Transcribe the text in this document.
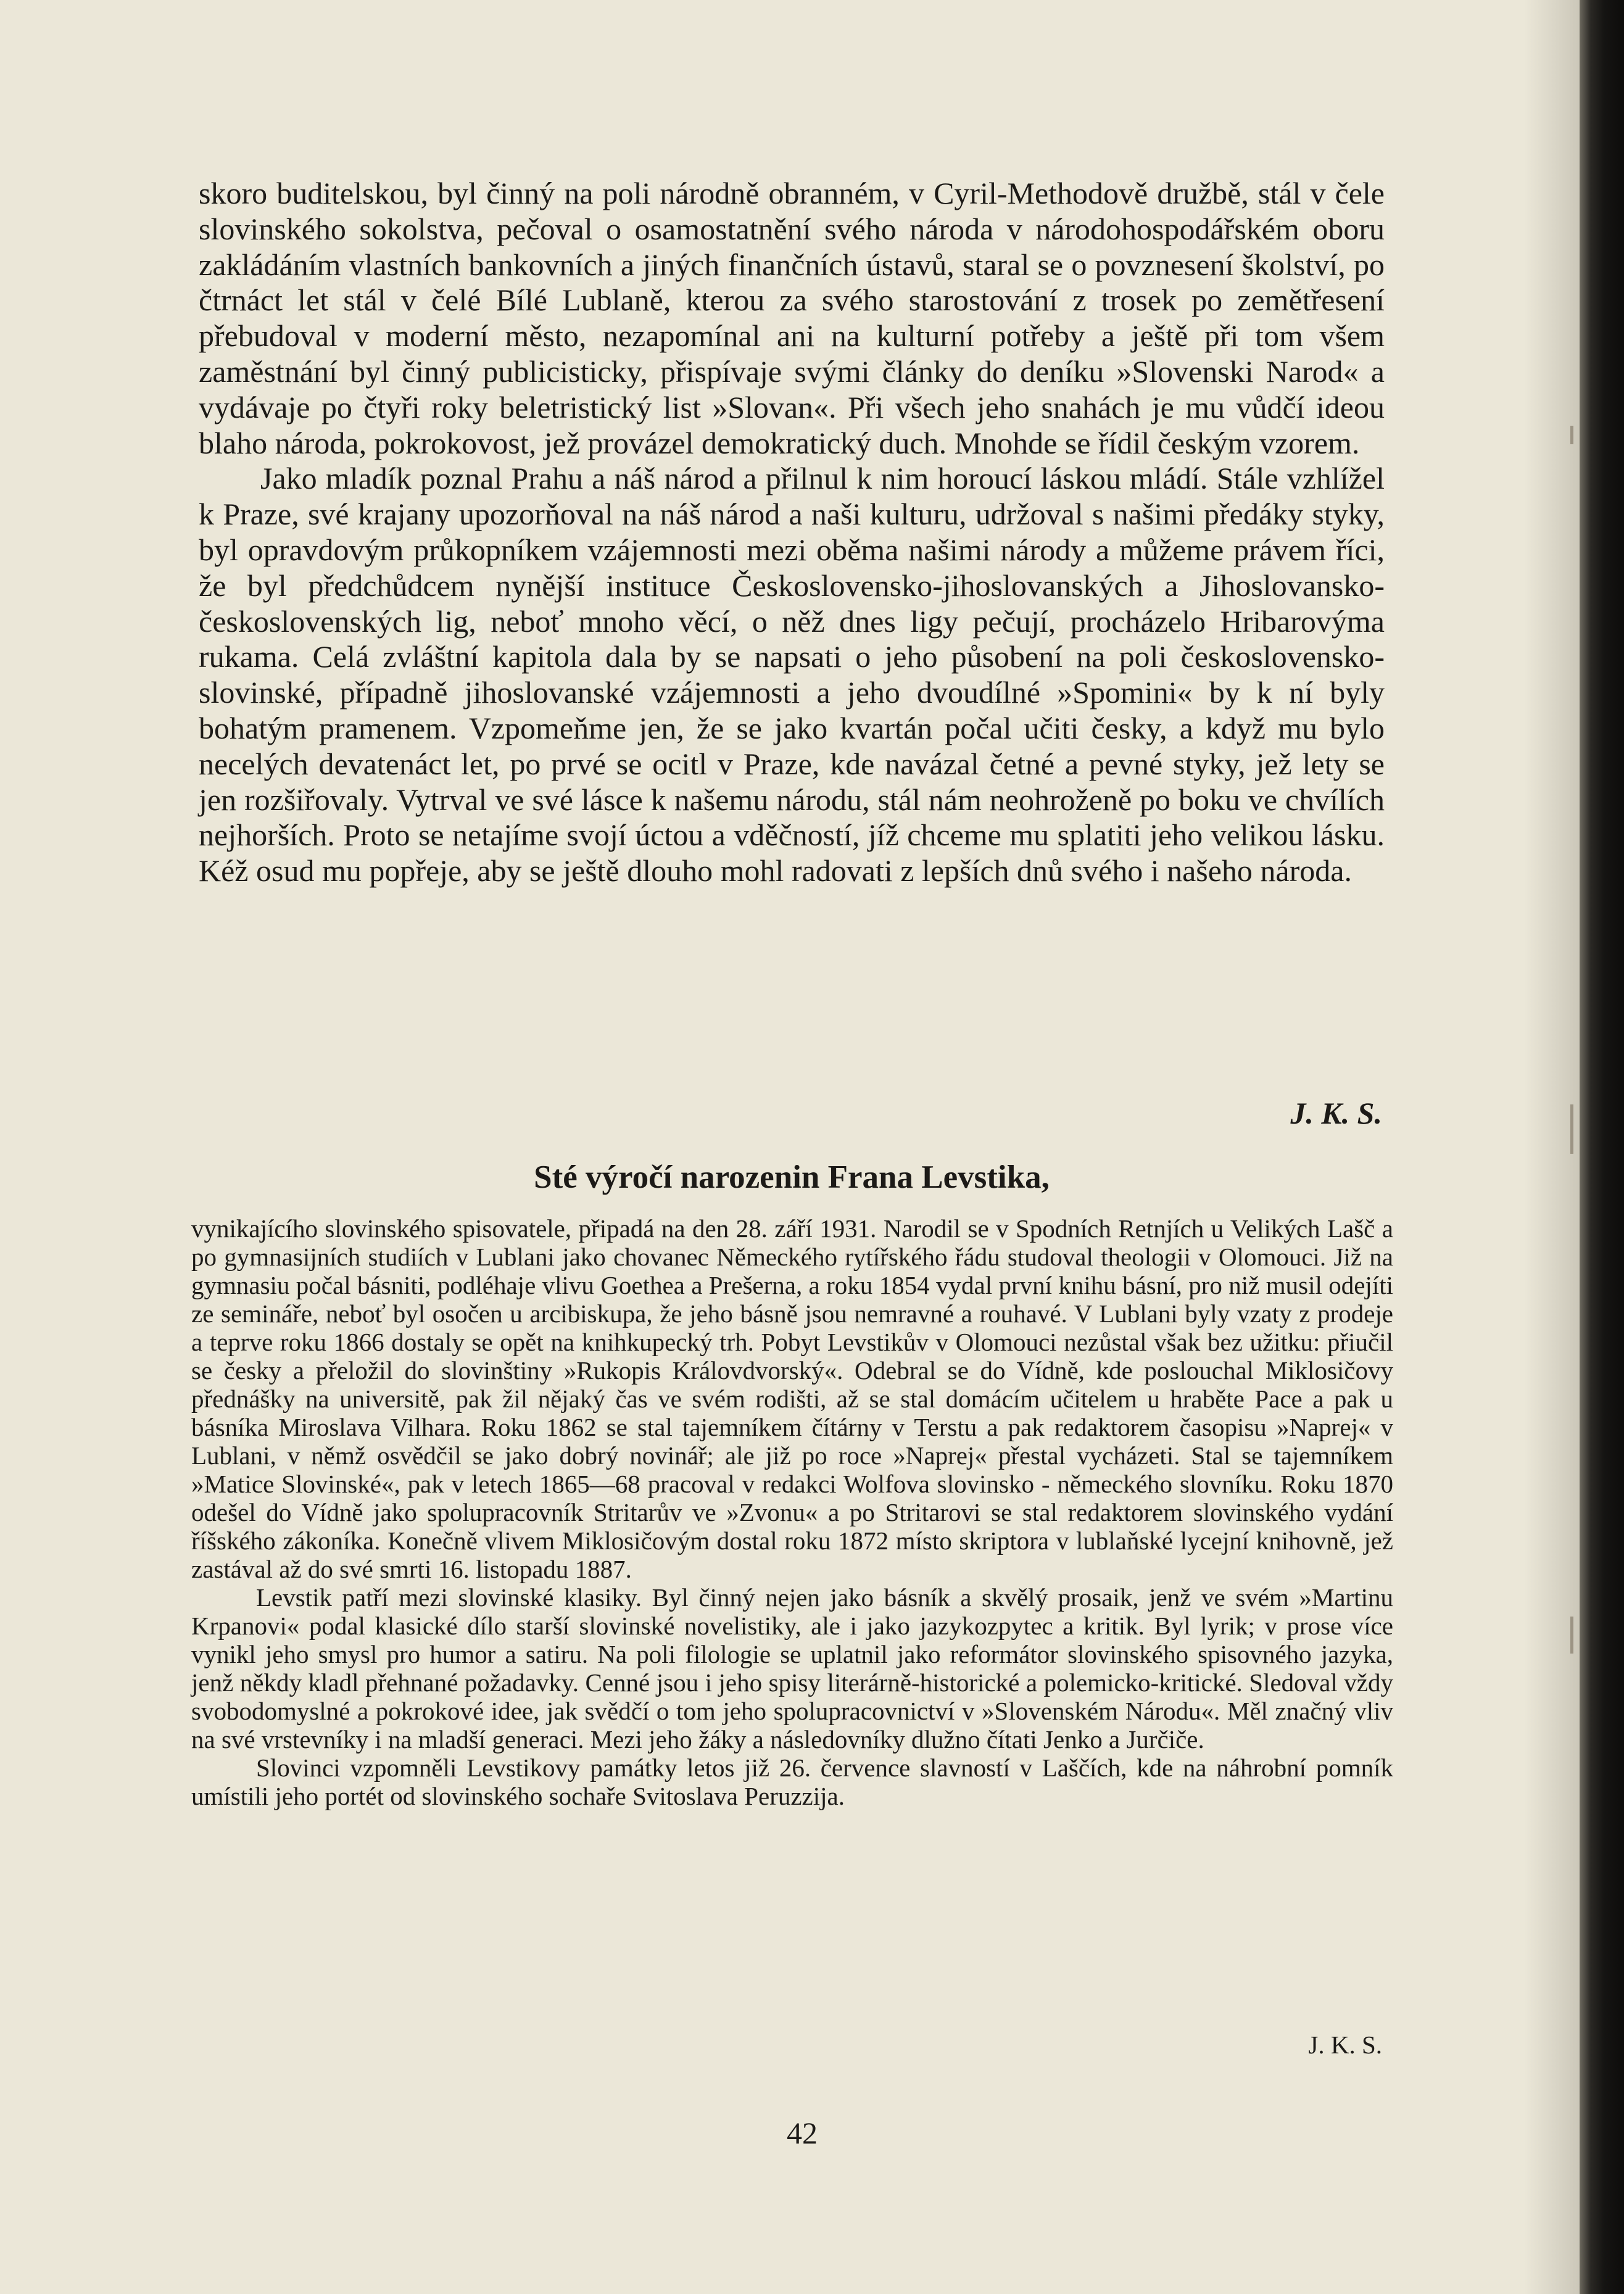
skoro buditelskou, byl činný na poli národně obranném, v Cyril-Methodově družbě, stál v čele slovinského sokolstva, pečoval o osamostatnění svého národa v národohospodářském oboru zakládáním vlastních bankovních a jiných finančních ústavů, staral se o povznesení školství, po čtrnáct let stál v čelé Bílé Lublaně, kterou za svého starostování z trosek po zemětřesení přebudoval v moderní město, nezapomínal ani na kulturní potřeby a ještě při tom všem zaměstnání byl činný publicisticky, přispívaje svými články do deníku »Slovenski Narod« a vydávaje po čtyři roky beletristický list »Slovan«. Při všech jeho snahách je mu vůdčí ideou blaho národa, pokrokovost, jež provázel demokratický duch. Mnohde se řídil českým vzorem.

Jako mladík poznal Prahu a náš národ a přilnul k nim horoucí láskou mládí. Stále vzhlížel k Praze, své krajany upozorňoval na náš národ a naši kulturu, udržoval s našimi předáky styky, byl opravdovým průkopníkem vzájemnosti mezi oběma našimi národy a můžeme právem říci, že byl předchůdcem nynější instituce Československo-jihoslovanských a Jihoslovansko-československých lig, neboť mnoho věcí, o něž dnes ligy pečují, procházelo Hribarovýma rukama. Celá zvláštní kapitola dala by se napsati o jeho působení na poli československo-slovinské, případně jihoslovanské vzájemnosti a jeho dvoudílné »Spomini« by k ní byly bohatým pramenem. Vzpomeňme jen, že se jako kvartán počal učiti česky, a když mu bylo necelých devatenáct let, po prvé se ocitl v Praze, kde navázal četné a pevné styky, jež lety se jen rozšiřovaly. Vytrval ve své lásce k našemu národu, stál nám neohroženě po boku ve chvílích nejhorších. Proto se netajíme svojí úctou a vděčností, jíž chceme mu splatiti jeho velikou lásku. Kéž osud mu popřeje, aby se ještě dlouho mohl radovati z lepších dnů svého i našeho národa.

J. K. S.
Sté výročí narozenin Frana Levstika,

vynikajícího slovinského spisovatele, připadá na den 28. září 1931. Narodil se v Spodních Retnjích u Velikých Lašč a po gymnasijních studiích v Lublani jako chovanec Německého rytířského řádu studoval theologii v Olomouci. Již na gymnasiu počal básniti, podléhaje vlivu Goethea a Prešerna, a roku 1854 vydal první knihu básní, pro niž musil odejíti ze semináře, neboť byl osočen u arcibiskupa, že jeho básně jsou nemravné a rouhavé. V Lublani byly vzaty z prodeje a teprve roku 1866 dostaly se opět na knihkupecký trh. Pobyt Levstikův v Olomouci nezůstal však bez užitku: přiučil se česky a přeložil do slovinštiny »Rukopis Královdvorský«. Odebral se do Vídně, kde poslouchal Miklosičovy přednášky na universitě, pak žil nějaký čas ve svém rodišti, až se stal domácím učitelem u hraběte Pace a pak u básníka Miroslava Vilhara. Roku 1862 se stal tajemníkem čítárny v Terstu a pak redaktorem časopisu »Naprej« v Lublani, v němž osvědčil se jako dobrý novinář; ale již po roce »Naprej« přestal vycházeti. Stal se tajemníkem »Matice Slovinské«, pak v letech 1865—68 pracoval v redakci Wolfova slovinsko - německého slovníku. Roku 1870 odešel do Vídně jako spolupracovník Stritarův ve »Zvonu« a po Stritarovi se stal redaktorem slovinského vydání říšského zákoníka. Konečně vlivem Miklosičovým dostal roku 1872 místo skriptora v lublaňské lycejní knihovně, jež zastával až do své smrti 16. listopadu 1887.

Levstik patří mezi slovinské klasiky. Byl činný nejen jako básník a skvělý prosaik, jenž ve svém »Martinu Krpanovi« podal klasické dílo starší slovinské novelistiky, ale i jako jazykozpytec a kritik. Byl lyrik; v prose více vynikl jeho smysl pro humor a satiru. Na poli filologie se uplatnil jako reformátor slovinského spisovného jazyka, jenž někdy kladl přehnané požadavky. Cenné jsou i jeho spisy literárně-historické a polemicko-kritické. Sledoval vždy svobodomyslné a pokrokové idee, jak svědčí o tom jeho spolupracovnictví v »Slovenském Národu«. Měl značný vliv na své vrstevníky i na mladší generaci. Mezi jeho žáky a následovníky dlužno čítati Jenko a Jurčiče.

Slovinci vzpomněli Levstikovy památky letos již 26. července slavností v Laščích, kde na náhrobní pomník umístili jeho portét od slovinského sochaře Svitoslava Peruzzija.

J. K. S.
42
